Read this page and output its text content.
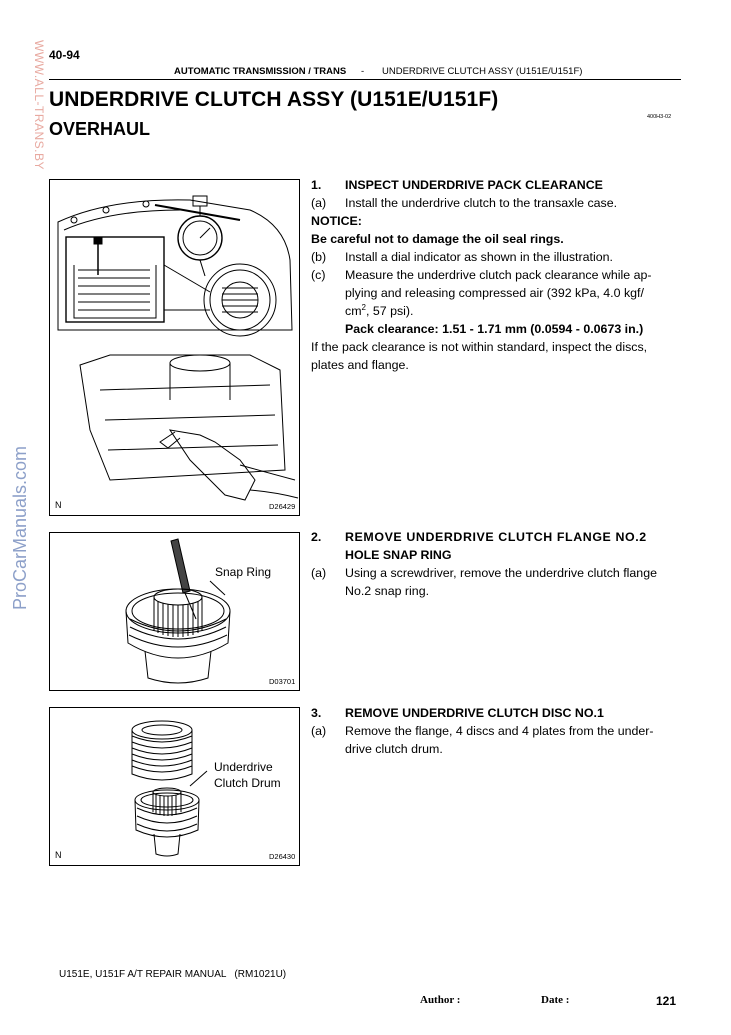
WWW.ALL-TRANS.BY
ProCarManuals.com
40-94
AUTOMATIC TRANSMISSION / TRANS - UNDERDRIVE CLUTCH ASSY (U151E/U151F)
UNDERDRIVE CLUTCH ASSY (U151E/U151F)
OVERHAUL
400H3-02
N	D26429
Snap Ring
D03701
Underdrive
Clutch Drum
N	D26430
1. INSPECT UNDERDRIVE PACK CLEARANCE
(a) Install the underdrive clutch to the transaxle case.
NOTICE:
Be careful not to damage the oil seal rings.
(b) Install a dial indicator as shown in the illustration.
(c) Measure the underdrive clutch pack clearance while ap-
plying and releasing compressed air (392 kPa, 4.0 kgf/
$cm^2$, 57 psi).
Pack clearance: 1.51 - 1.71 mm (0.0594 - 0.0673 in.)
If the pack clearance is not within standard, inspect the discs,
plates and flange.
2. REMOVE UNDERDRIVE CLUTCH FLANGE NO.2
HOLE SNAP RING
(a) Using a screwdriver, remove the underdrive clutch flange
No.2 snap ring.
3. REMOVE UNDERDRIVE CLUTCH DISC NO.1
(a) Remove the flange, 4 discs and 4 plates from the under-
drive clutch drum.
U151E, U151F A/T REPAIR MANUAL   (RM1021U)
Author :	Date :	121
